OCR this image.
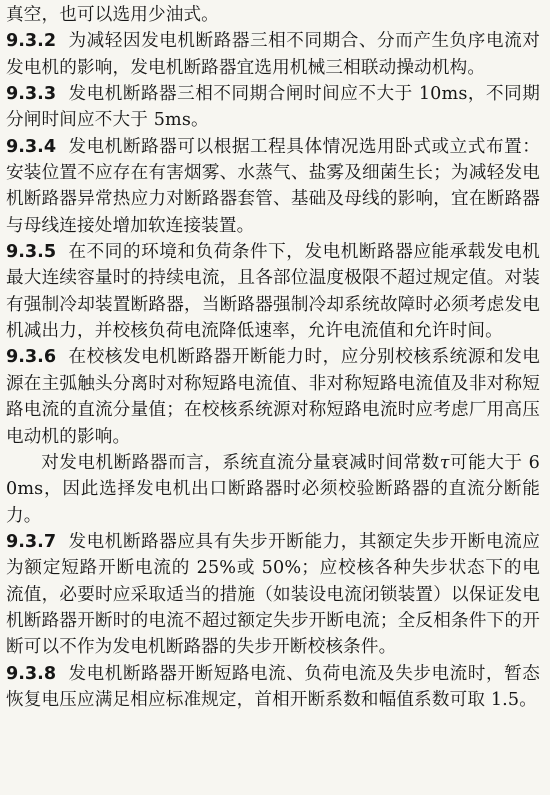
真空，也可以选用少油式。

9.3.2 为减轻因发电机断路器三相不同期合、分而产生负序电流对发电机的影响，发电机断路器宜选用机械三相联动操动机构。

9.3.3 发电机断路器三相不同期合闸时间应不大于 10ms，不同期分闸时间应不大于 5ms。

9.3.4 发电机断路器可以根据工程具体情况选用卧式或立式布置：安装位置不应存在有害烟雾、水蒸气、盐雾及细菌生长；为减轻发电机断路器异常热应力对断路器套管、基础及母线的影响，宜在断路器与母线连接处增加软连接装置。

9.3.5 在不同的环境和负荷条件下，发电机断路器应能承载发电机最大连续容量时的持续电流，且各部位温度极限不超过规定值。对装有强制冷却装置断路器，当断路器强制冷却系统故障时必须考虑发电机减出力，并校核负荷电流降低速率，允许电流值和允许时间。

9.3.6 在校核发电机断路器开断能力时，应分别校核系统源和发电源在主弧触头分离时对称短路电流值、非对称短路电流值及非对称短路电流的直流分量值；在校核系统源对称短路电流时应考虑厂用高压电动机的影响。

对发电机断路器而言，系统直流分量衰减时间常数τ可能大于 60ms，因此选择发电机出口断路器时必须校验断路器的直流分断能力。

9.3.7 发电机断路器应具有失步开断能力，其额定失步开断电流应为额定短路开断电流的 25%或 50%；应校核各种失步状态下的电流值，必要时应采取适当的措施（如装设电流闭锁装置）以保证发电机断路器开断时的电流不超过额定失步开断电流；全反相条件下的开断可以不作为发电机断路器的失步开断校核条件。

9.3.8 发电机断路器开断短路电流、负荷电流及失步电流时，暂态恢复电压应满足相应标准规定，首相开断系数和幅值系数可取 1.5。
